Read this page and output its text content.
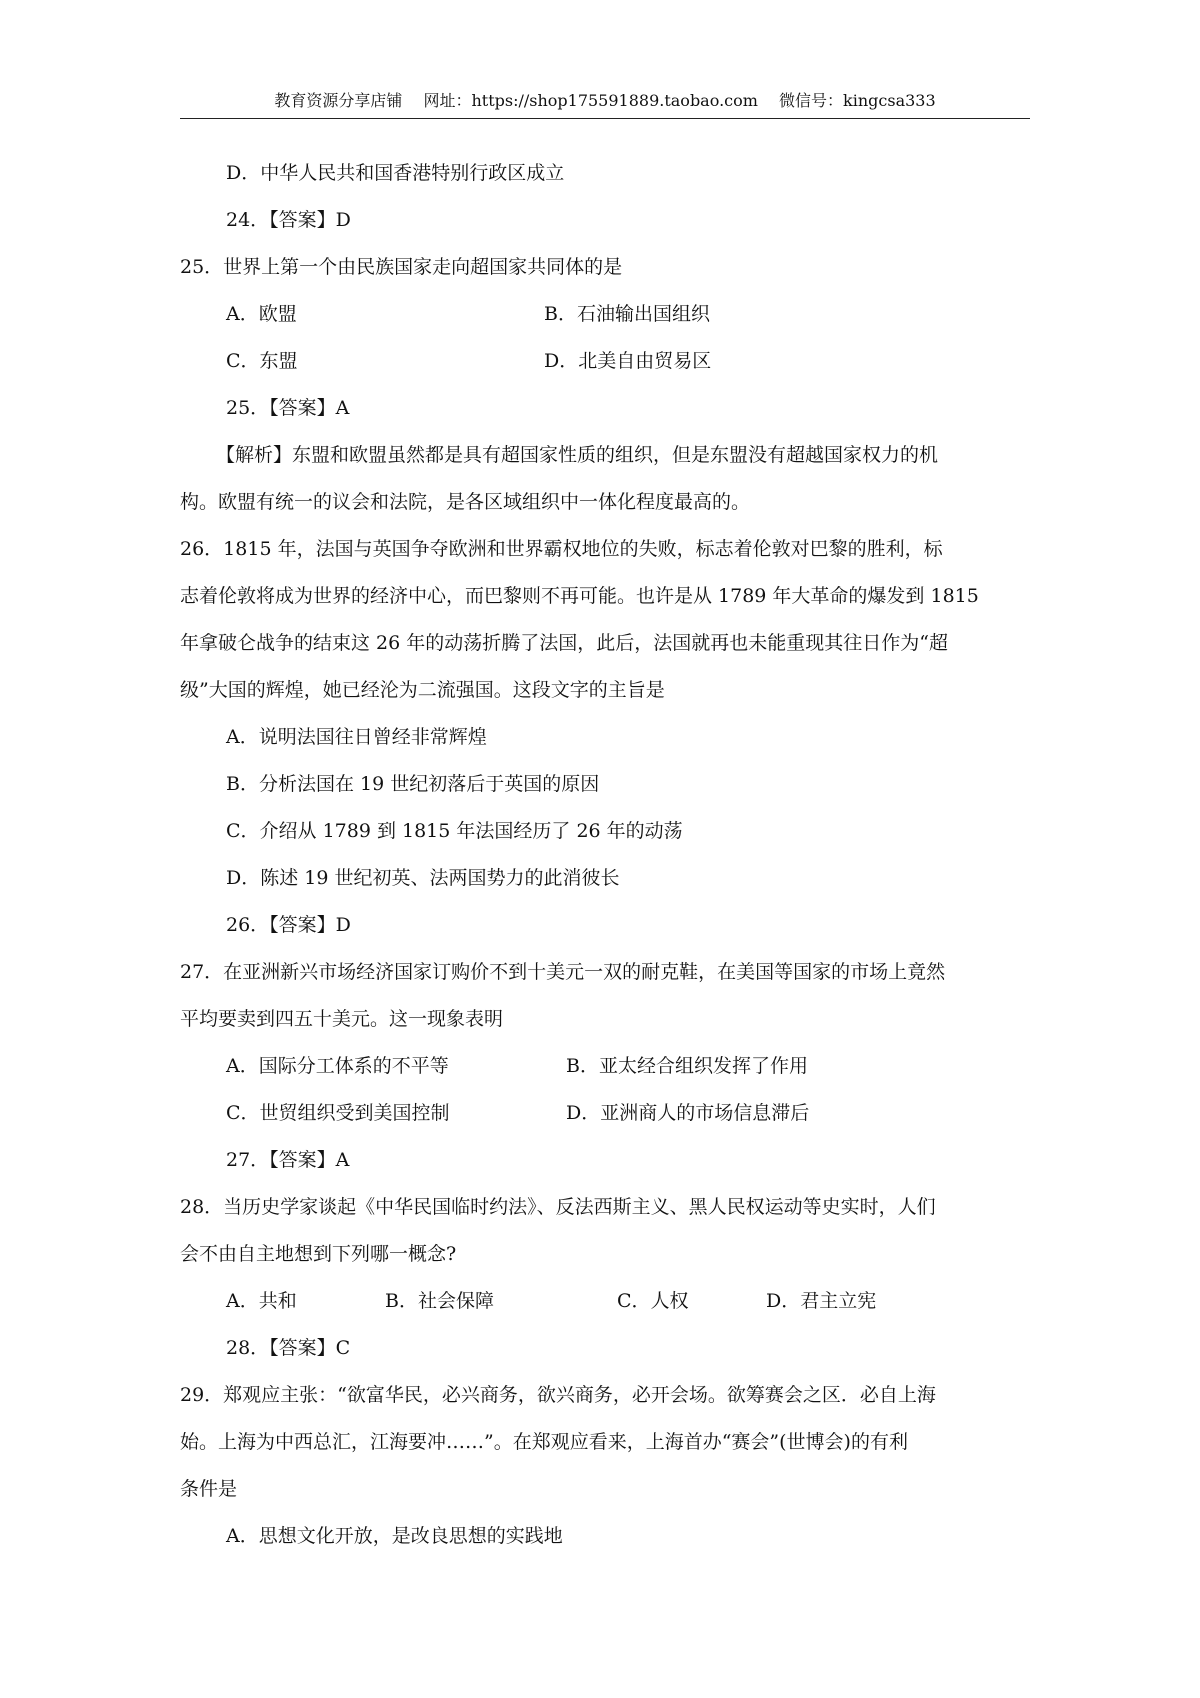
教育资源分享店铺 网址：https://shop175591889.taobao.com 微信号：kingcsa333
D．中华人民共和国香港特别行政区成立
24．【答案】D
25．世界上第一个由民族国家走向超国家共同体的是
A．欧盟	B．石油输出国组织
C．东盟	D．北美自由贸易区
25．【答案】A
【解析】东盟和欧盟虽然都是具有超国家性质的组织，但是东盟没有超越国家权力的机
构。欧盟有统一的议会和法院，是各区域组织中一体化程度最高的。
26．1815 年，法国与英国争夺欧洲和世界霸权地位的失败，标志着伦敦对巴黎的胜利，标
志着伦敦将成为世界的经济中心，而巴黎则不再可能。也许是从 1789 年大革命的爆发到 1815
年拿破仑战争的结束这 26 年的动荡折腾了法国，此后，法国就再也未能重现其往日作为“超
级”大国的辉煌，她已经沦为二流强国。这段文字的主旨是
A．说明法国往日曾经非常辉煌
B．分析法国在 19 世纪初落后于英国的原因
C．介绍从 1789 到 1815 年法国经历了 26 年的动荡
D．陈述 19 世纪初英、法两国势力的此消彼长
26．【答案】D
27．在亚洲新兴市场经济国家订购价不到十美元一双的耐克鞋，在美国等国家的市场上竟然
平均要卖到四五十美元。这一现象表明
A．国际分工体系的不平等	B．亚太经合组织发挥了作用
C．世贸组织受到美国控制	D．亚洲商人的市场信息滞后
27．【答案】A
28．当历史学家谈起《中华民国临时约法》、反法西斯主义、黑人民权运动等史实时，人们
会不由自主地想到下列哪一概念?
A．共和	B．社会保障	C．人权	D．君主立宪
28．【答案】C
29．郑观应主张：“欲富华民，必兴商务，欲兴商务，必开会场。欲筹赛会之区．必自上海
始。上海为中西总汇，江海要冲……”。在郑观应看来，上海首办“赛会”(世博会)的有利
条件是
A．思想文化开放，是改良思想的实践地
